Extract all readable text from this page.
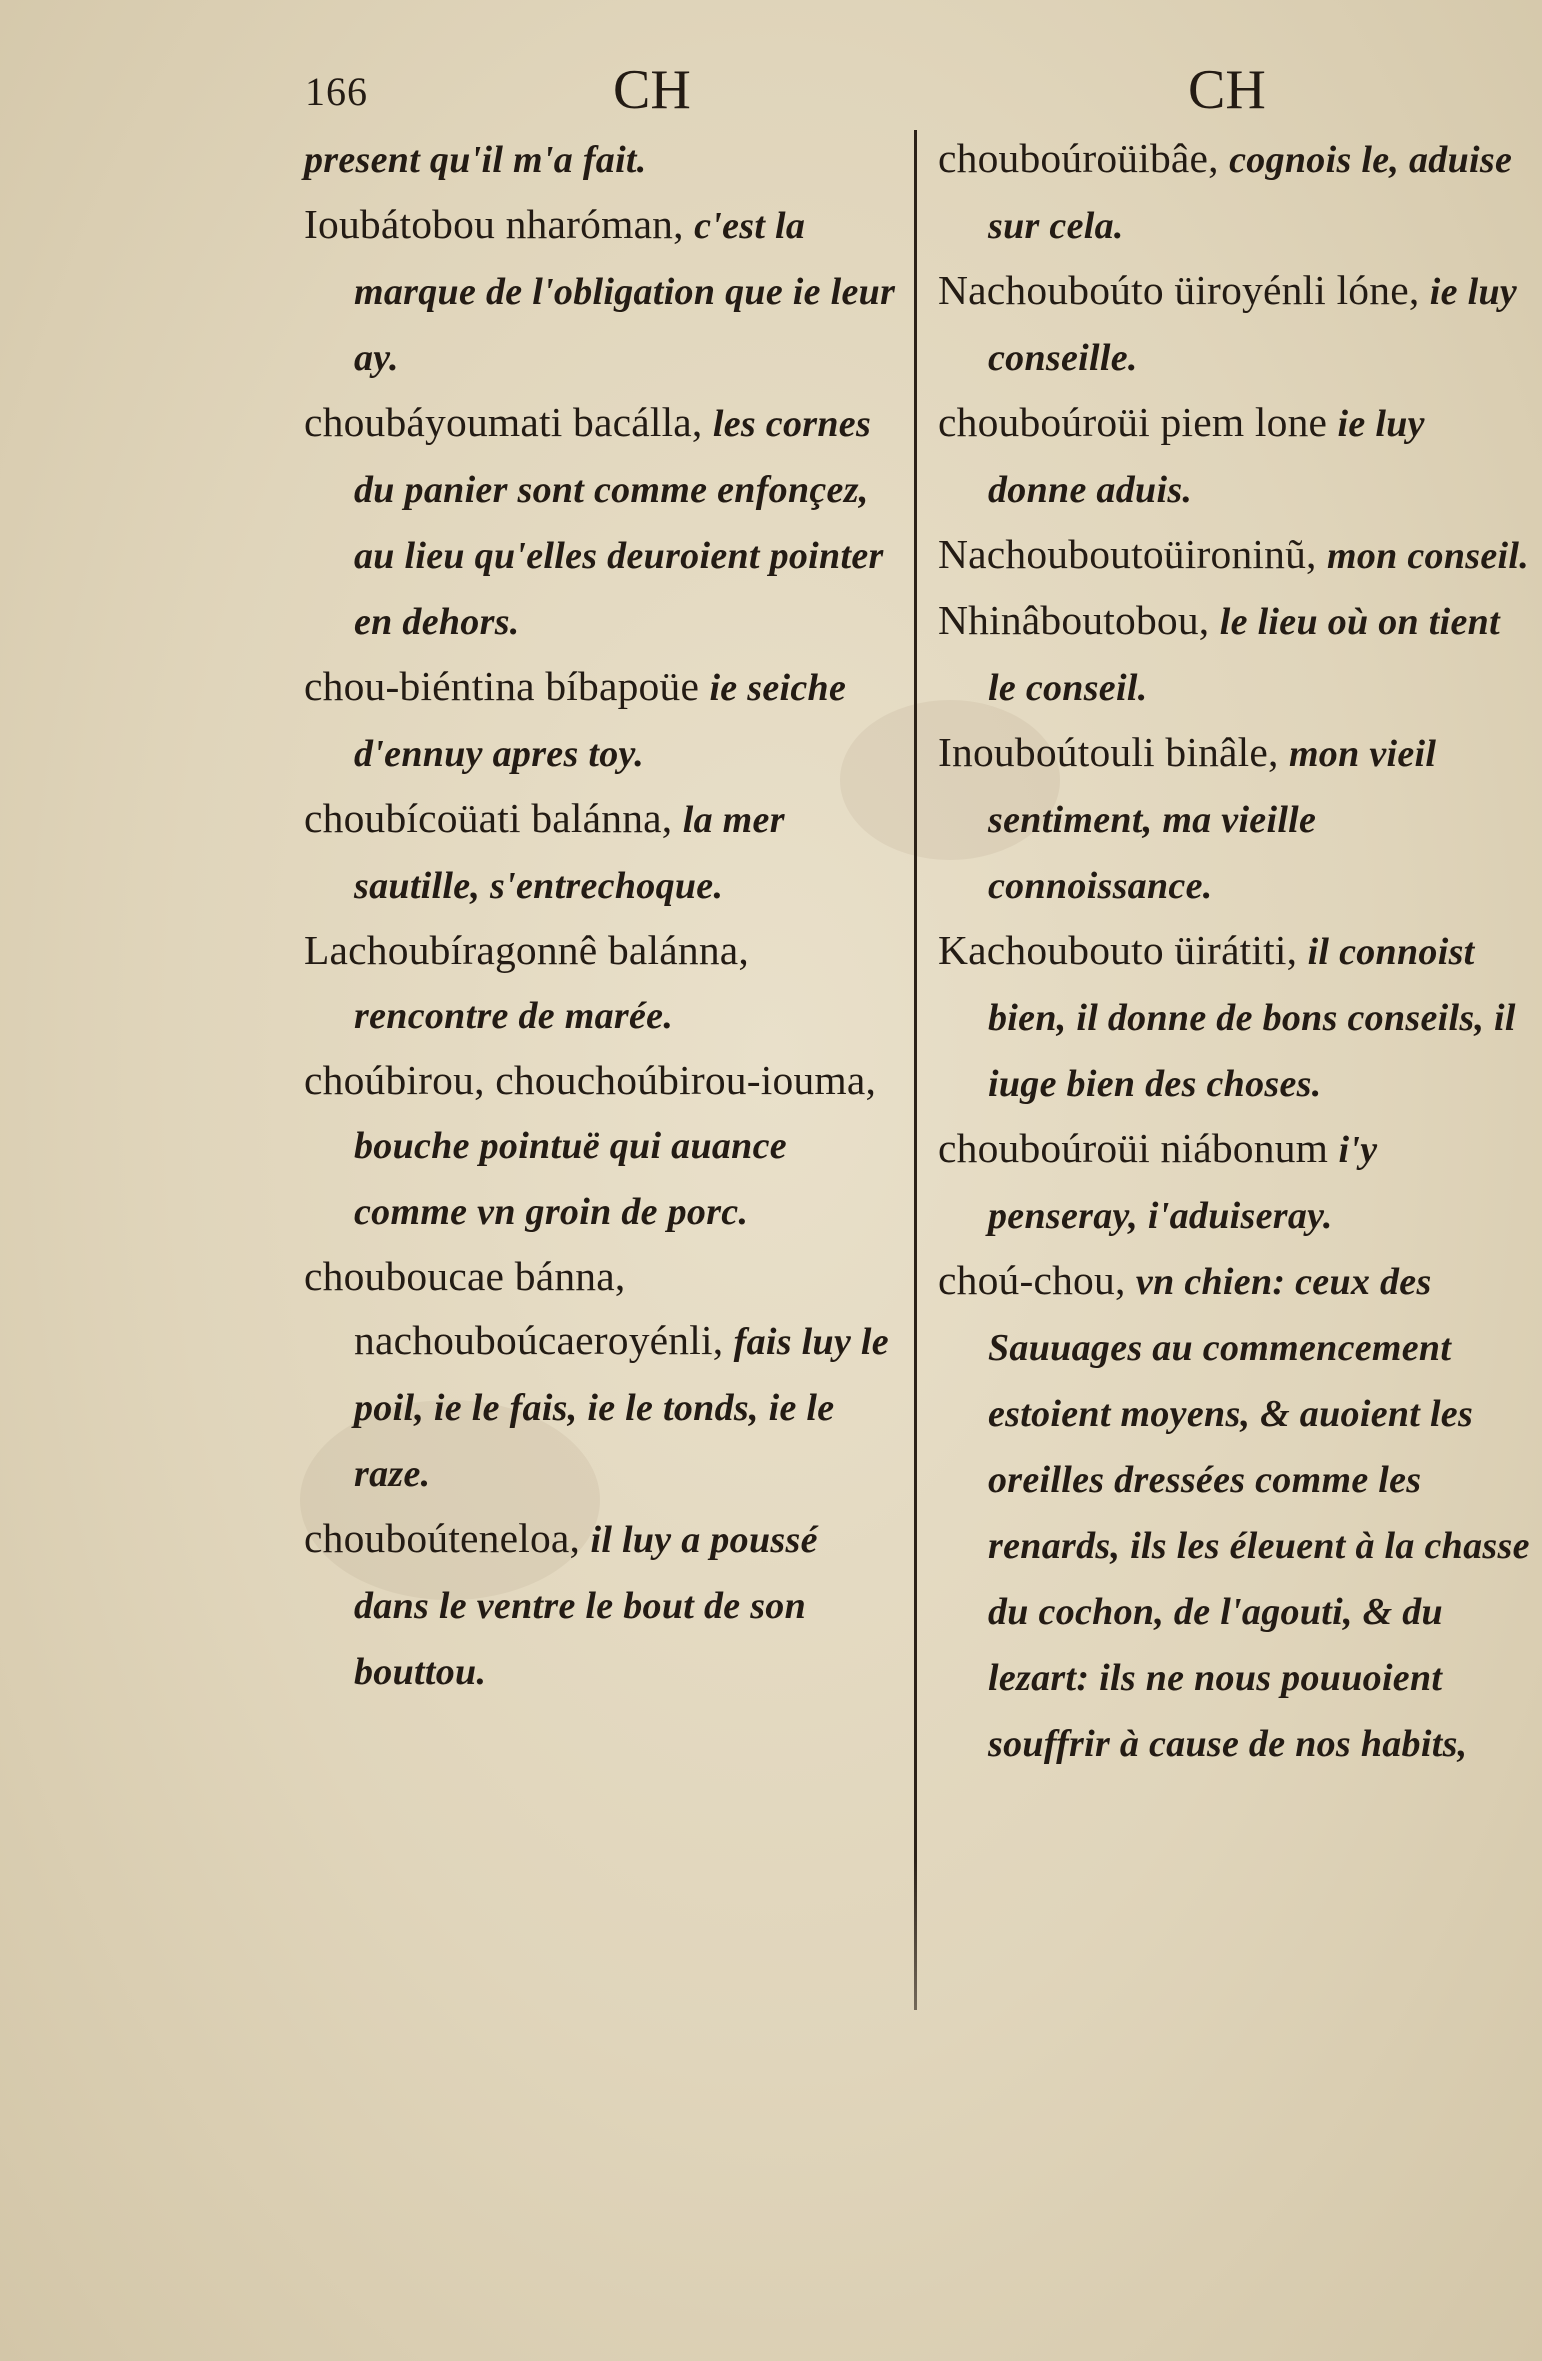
166	CH	CH

present qu'il m'a fait.

Ioubátobou nharóman, c'est la marque de l'obligation que ie leur ay.

choubáyoumati bacálla, les cornes du panier sont comme enfonçez, au lieu qu'elles deuroient pointer en dehors.

chou-biéntina bíbapoüe ie seiche d'ennuy apres toy.

choubícoüati balánna, la mer sautille, s'entrechoque.

Lachoubíragonnê balánna, rencontre de marée.

choúbirou, chouchoúbirou-iouma, bouche pointuë qui auance comme vn groin de porc.

chouboucae bánna, nachouboúcaeroyénli, fais luy le poil, ie le fais, ie le tonds, ie le raze.

chouboúteneloa, il luy a poussé dans le ventre le bout de son bouttou.

chouboúroüibâe, cognois le, aduise sur cela.

Nachouboúto üiroyénli lóne, ie luy conseille.

chouboúroüi piem lone ie luy donne aduis.

Nachouboutoüironinũ, mon conseil.

Nhinâboutobou, le lieu où on tient le conseil.

Inouboútouli binâle, mon vieil sentiment, ma vieille connoissance.

Kachoubouto üirátiti, il connoist bien, il donne de bons conseils, il iuge bien des choses.

chouboúroüi niábonum i'y penseray, i'aduiseray.

choú-chou, vn chien: ceux des Sauuages au commencement estoient moyens, & auoient les oreilles dressées comme les renards, ils les éleuent à la chasse du cochon, de l'agouti, & du lezart: ils ne nous pouuoient souffrir à cause de nos habits,
